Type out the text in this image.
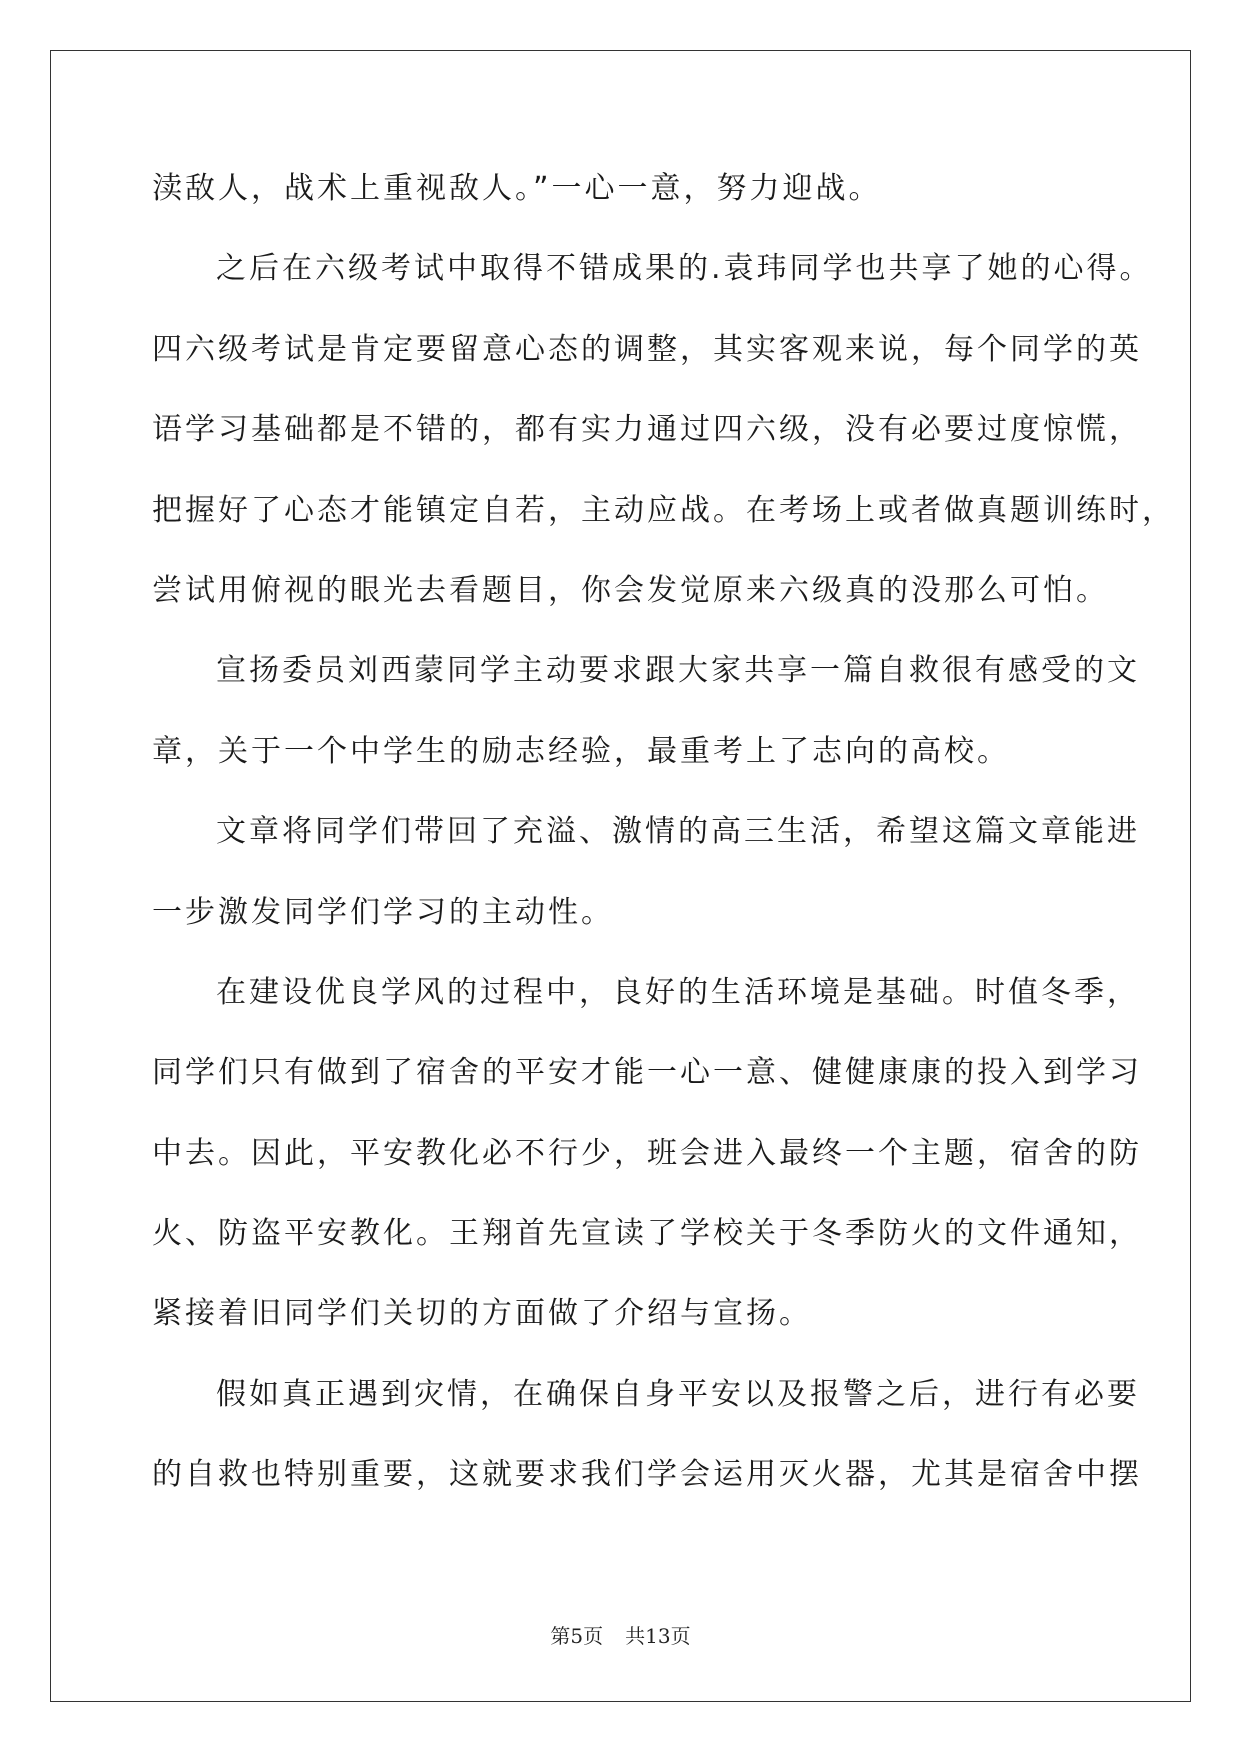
渎敌人，战术上重视敌人。”一心一意，努力迎战。
之后在六级考试中取得不错成果的.袁玮同学也共享了她的心得。
四六级考试是肯定要留意心态的调整，其实客观来说，每个同学的英
语学习基础都是不错的，都有实力通过四六级，没有必要过度惊慌，
把握好了心态才能镇定自若，主动应战。在考场上或者做真题训练时，
尝试用俯视的眼光去看题目，你会发觉原来六级真的没那么可怕。
宣扬委员刘西蒙同学主动要求跟大家共享一篇自救很有感受的文
章，关于一个中学生的励志经验，最重考上了志向的高校。
文章将同学们带回了充溢、激情的高三生活，希望这篇文章能进
一步激发同学们学习的主动性。
在建设优良学风的过程中，良好的生活环境是基础。时值冬季，
同学们只有做到了宿舍的平安才能一心一意、健健康康的投入到学习
中去。因此，平安教化必不行少，班会进入最终一个主题，宿舍的防
火、防盗平安教化。王翔首先宣读了学校关于冬季防火的文件通知，
紧接着旧同学们关切的方面做了介绍与宣扬。
假如真正遇到灾情，在确保自身平安以及报警之后，进行有必要
的自救也特别重要，这就要求我们学会运用灭火器，尤其是宿舍中摆
第5页 共13页
